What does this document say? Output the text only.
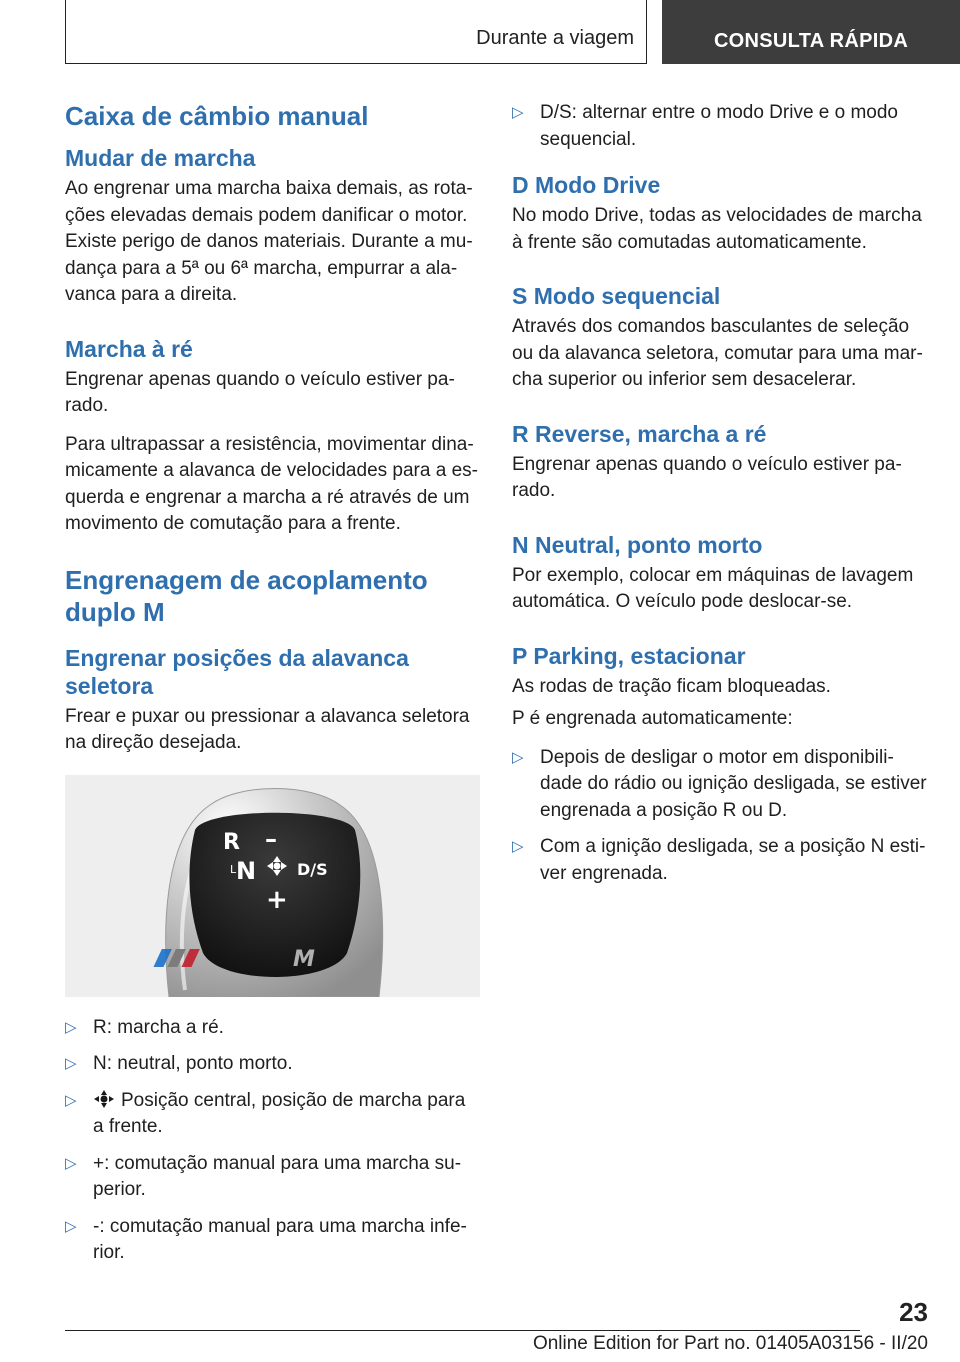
Durante a viagem	CONSULTA RÁPIDA
Caixa de câmbio manual
Mudar de marcha

Ao engrenar uma marcha baixa demais, as rotações elevadas demais podem danificar o motor. Existe perigo de danos materiais. Durante a mudança para a 5ª ou 6ª marcha, empurrar a alavanca para a direita.

Marcha à ré

Engrenar apenas quando o veículo estiver parado.

Para ultrapassar a resistência, movimentar dinamicamente a alavanca de velocidades para a esquerda e engrenar a marcha a ré através de um movimento de comutação para a frente.

Engrenagem de acoplamento duplo M
Engrenar posições da alavanca seletora

Frear e puxar ou pressionar a alavanca seletora na direção desejada.

R –
L N	D/S
+
M
▷ R: marcha a ré.
▷ N: neutral, ponto morto.
▷ Posição central, posição de marcha para a frente.
▷ +: comutação manual para uma marcha superior.
▷ -: comutação manual para uma marcha inferior.
▷ D/S: alternar entre o modo Drive e o modo sequencial.
D Modo Drive

No modo Drive, todas as velocidades de marcha à frente são comutadas automaticamente.

S Modo sequencial

Através dos comandos basculantes de seleção ou da alavanca seletora, comutar para uma marcha superior ou inferior sem desacelerar.

R Reverse, marcha a ré

Engrenar apenas quando o veículo estiver parado.

N Neutral, ponto morto

Por exemplo, colocar em máquinas de lavagem automática. O veículo pode deslocar-se.

P Parking, estacionar

As rodas de tração ficam bloqueadas.

P é engrenada automaticamente:

▷ Depois de desligar o motor em disponibilidade do rádio ou ignição desligada, se estiver engrenada a posição R ou D.
▷ Com a ignição desligada, se a posição N estiver engrenada.
23
Online Edition for Part no. 01405A03156 - II/20
